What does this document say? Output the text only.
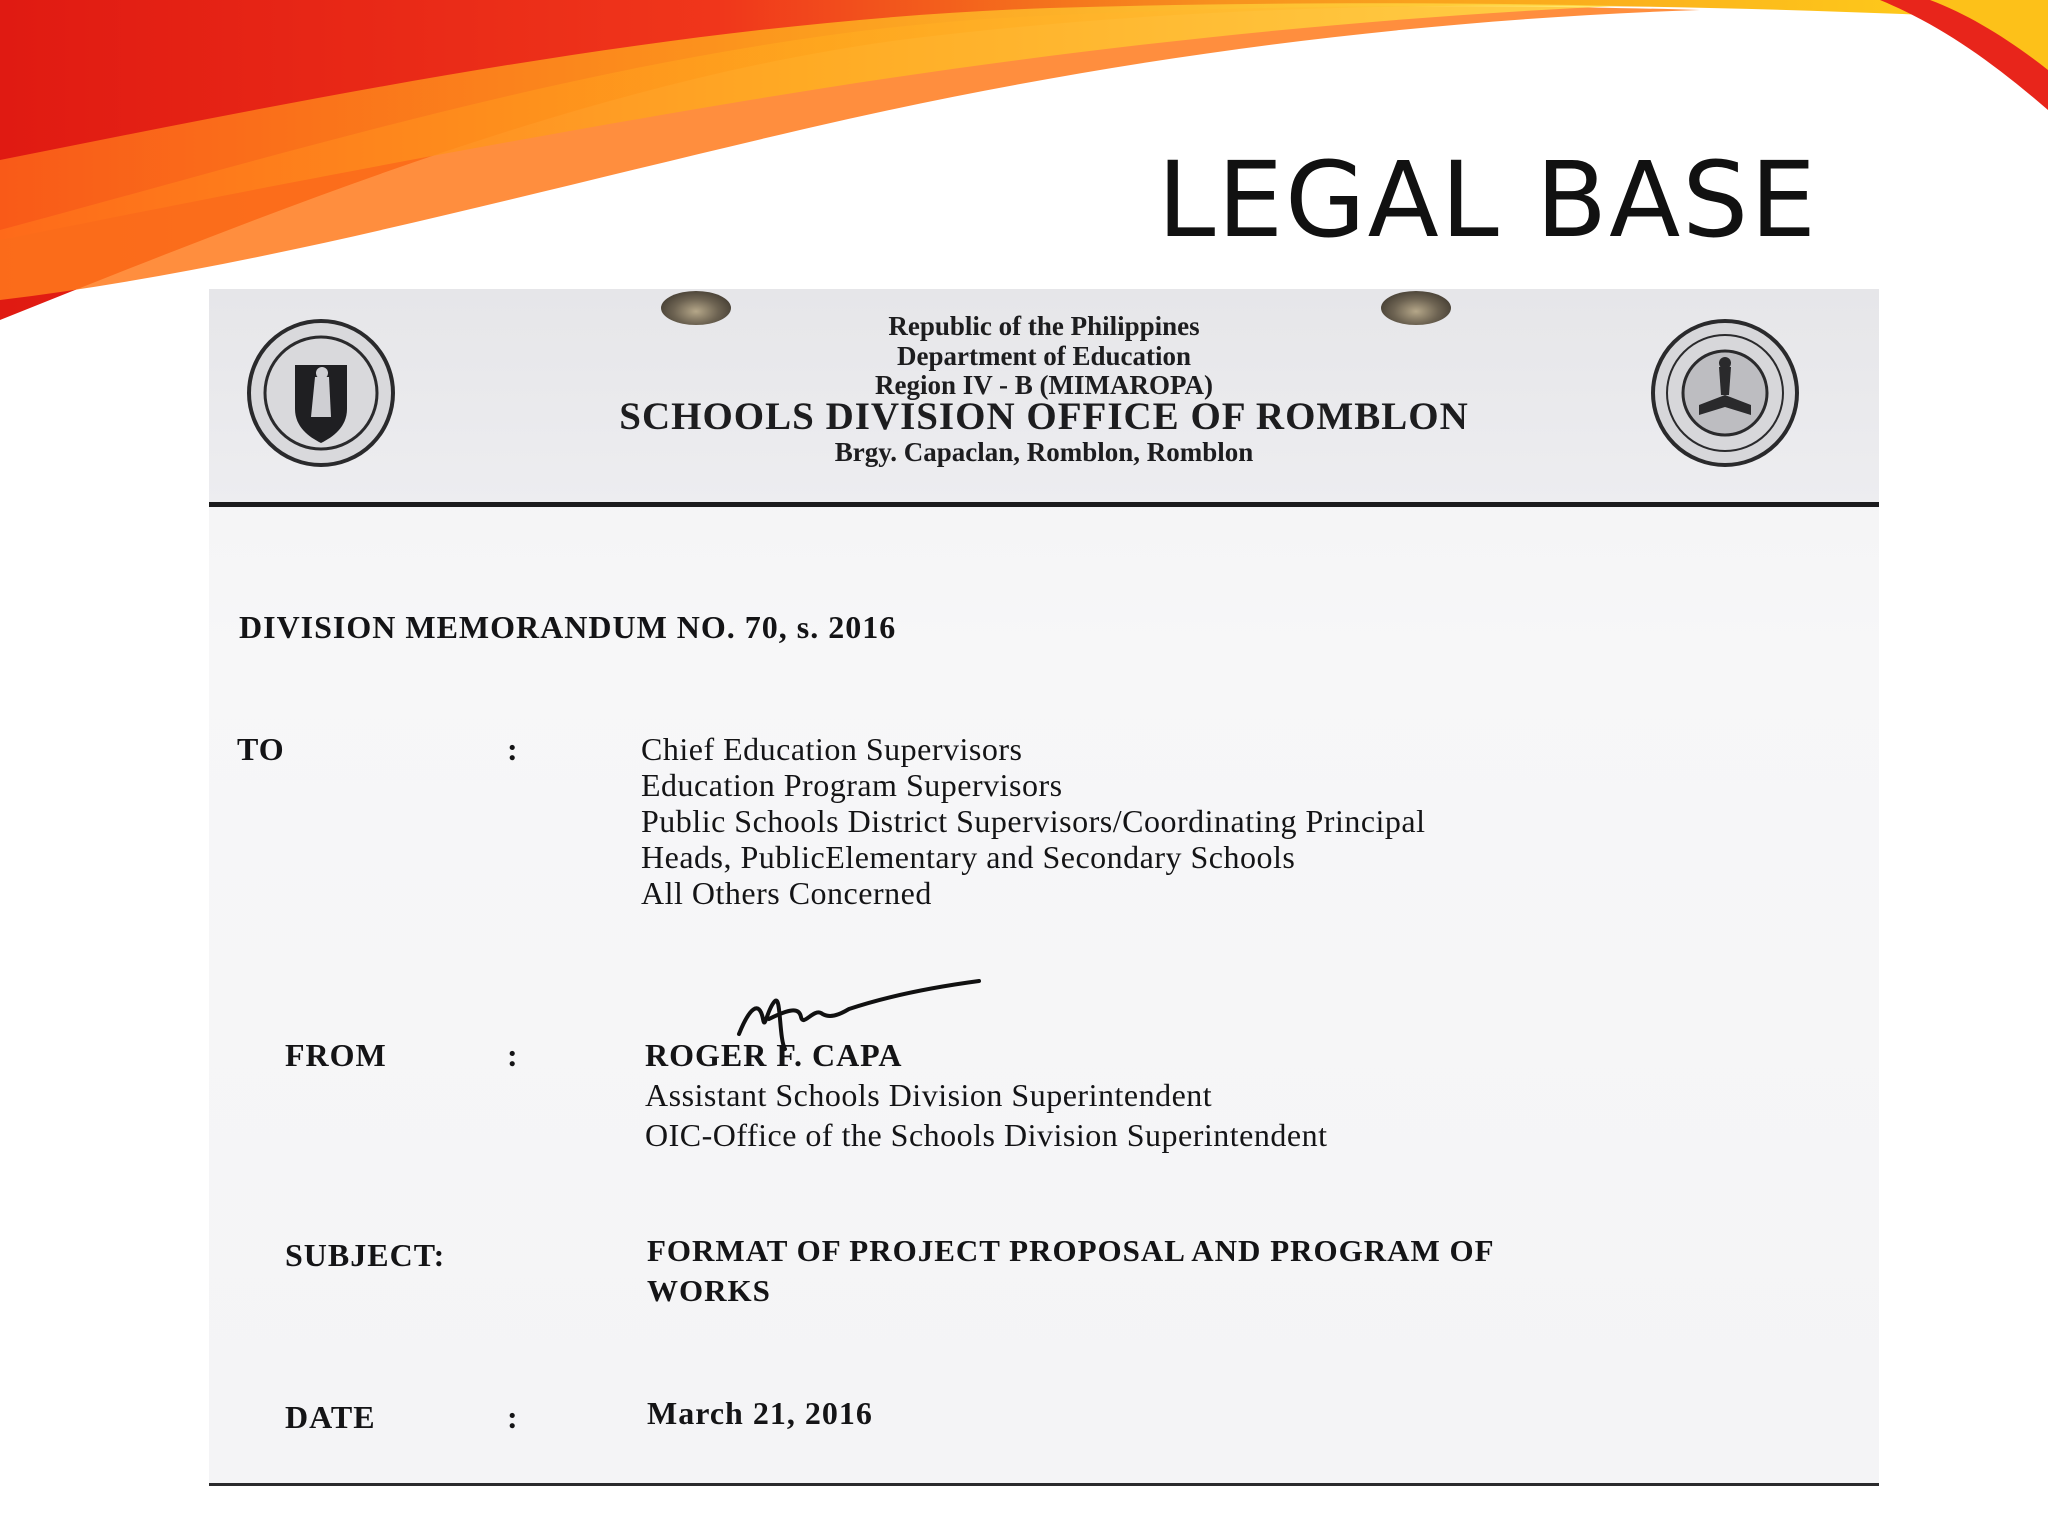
LEGAL BASE
Republic of the Philippines
Department of Education
Region IV - B (MIMAROPA)
SCHOOLS DIVISION OFFICE OF ROMBLON
Brgy. Capaclan, Romblon, Romblon
DIVISION MEMORANDUM NO. 70, s. 2016
TO	:	Chief Education Supervisors
Education Program Supervisors
Public Schools District Supervisors/Coordinating Principal
Heads, PublicElementary and Secondary Schools
All Others Concerned
FROM	:	ROGER F. CAPA
Assistant Schools Division Superintendent
OIC-Office of the Schools Division Superintendent
SUBJECT:	FORMAT OF PROJECT PROPOSAL AND PROGRAM OF
WORKS
DATE	:	March 21, 2016
